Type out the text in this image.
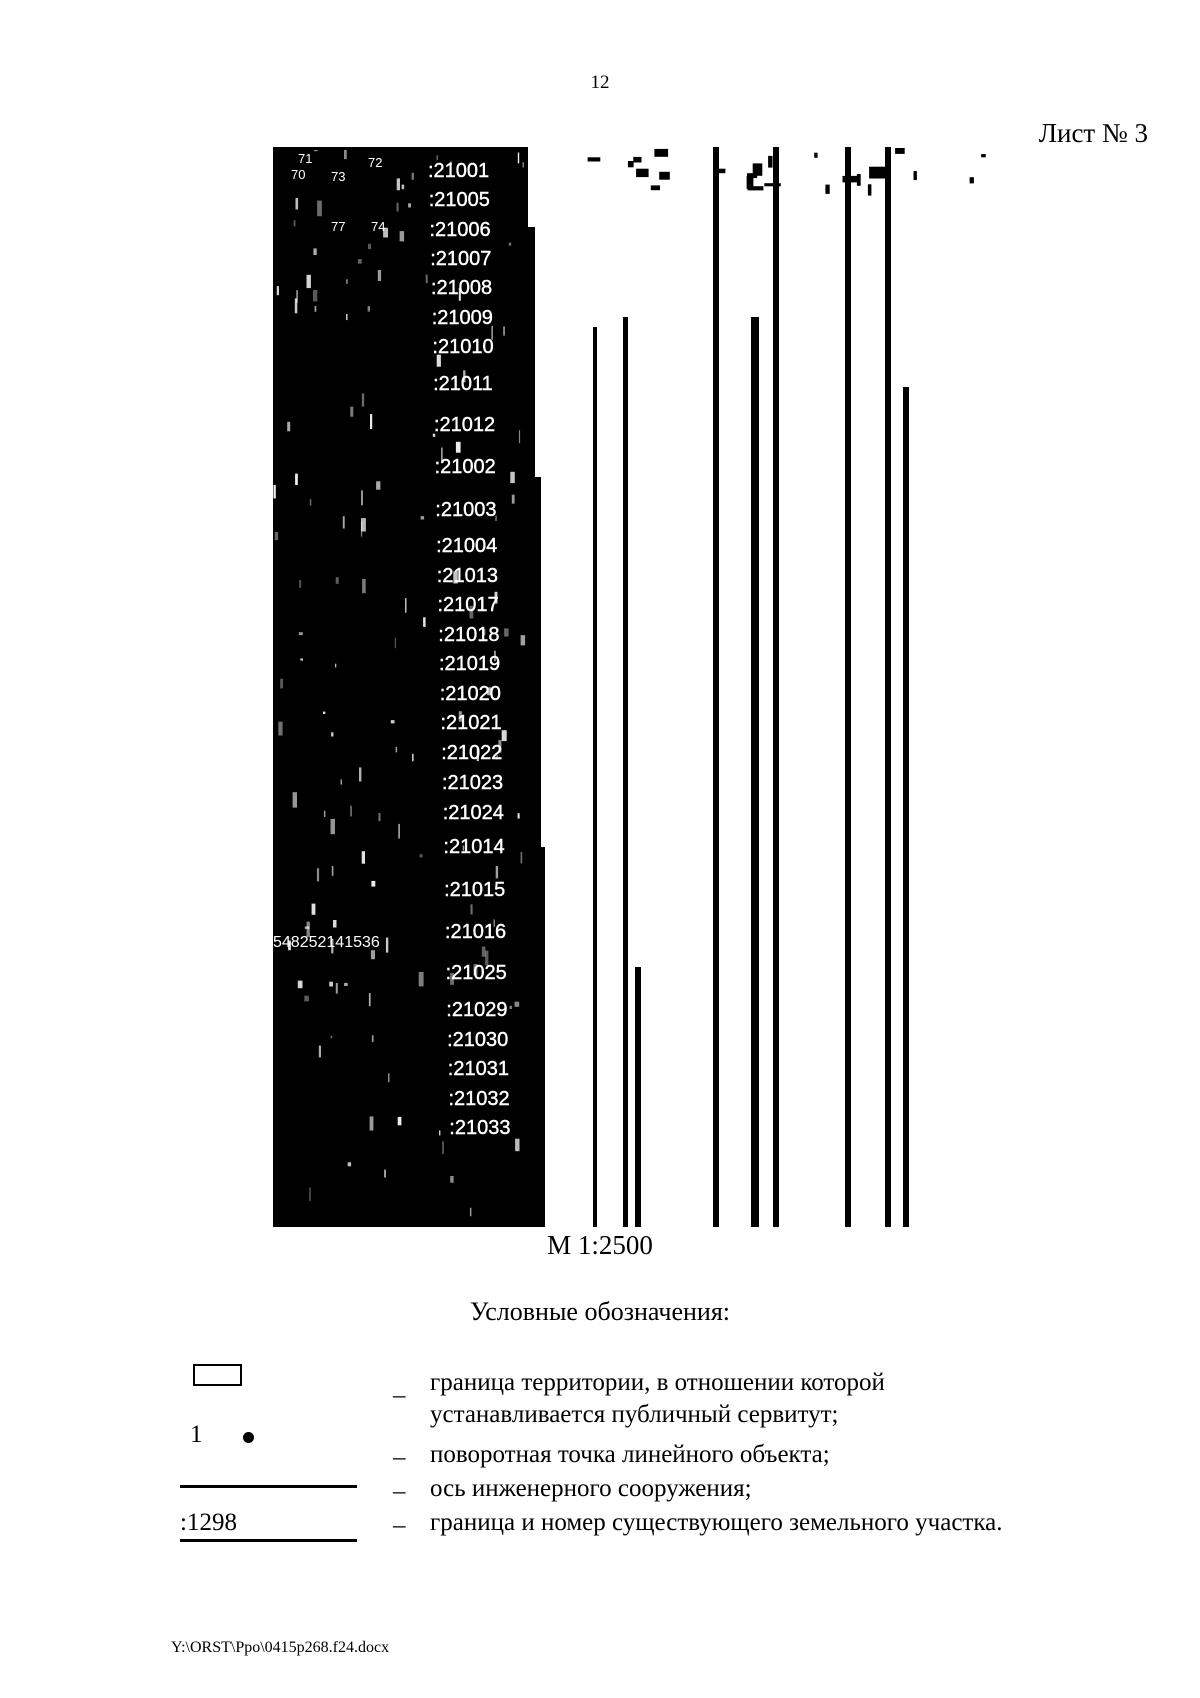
12
Лист № 3
:21001
:21005
:21006
:21007
:21008
:21009
:21010
:21011
:21012
:21002
:21003
:21004
:21013
:21017
:21018
:21019
:21020
:21021
:21022
:21023
:21024
:21014
:21015
:21016
:21025
:21029
:21030
:21031
:21032
:21033
71	72
70 73
77 74
548252141536
М 1:2500
Условные обозначения:
1
:1298
–
–
–
–
граница территории, в отношении которой
устанавливается публичный сервитут;
поворотная точка линейного объекта;
ось инженерного сооружения;
граница и номер существующего земельного участка.
Y:\ORST\Ppo\0415p268.f24.docx
